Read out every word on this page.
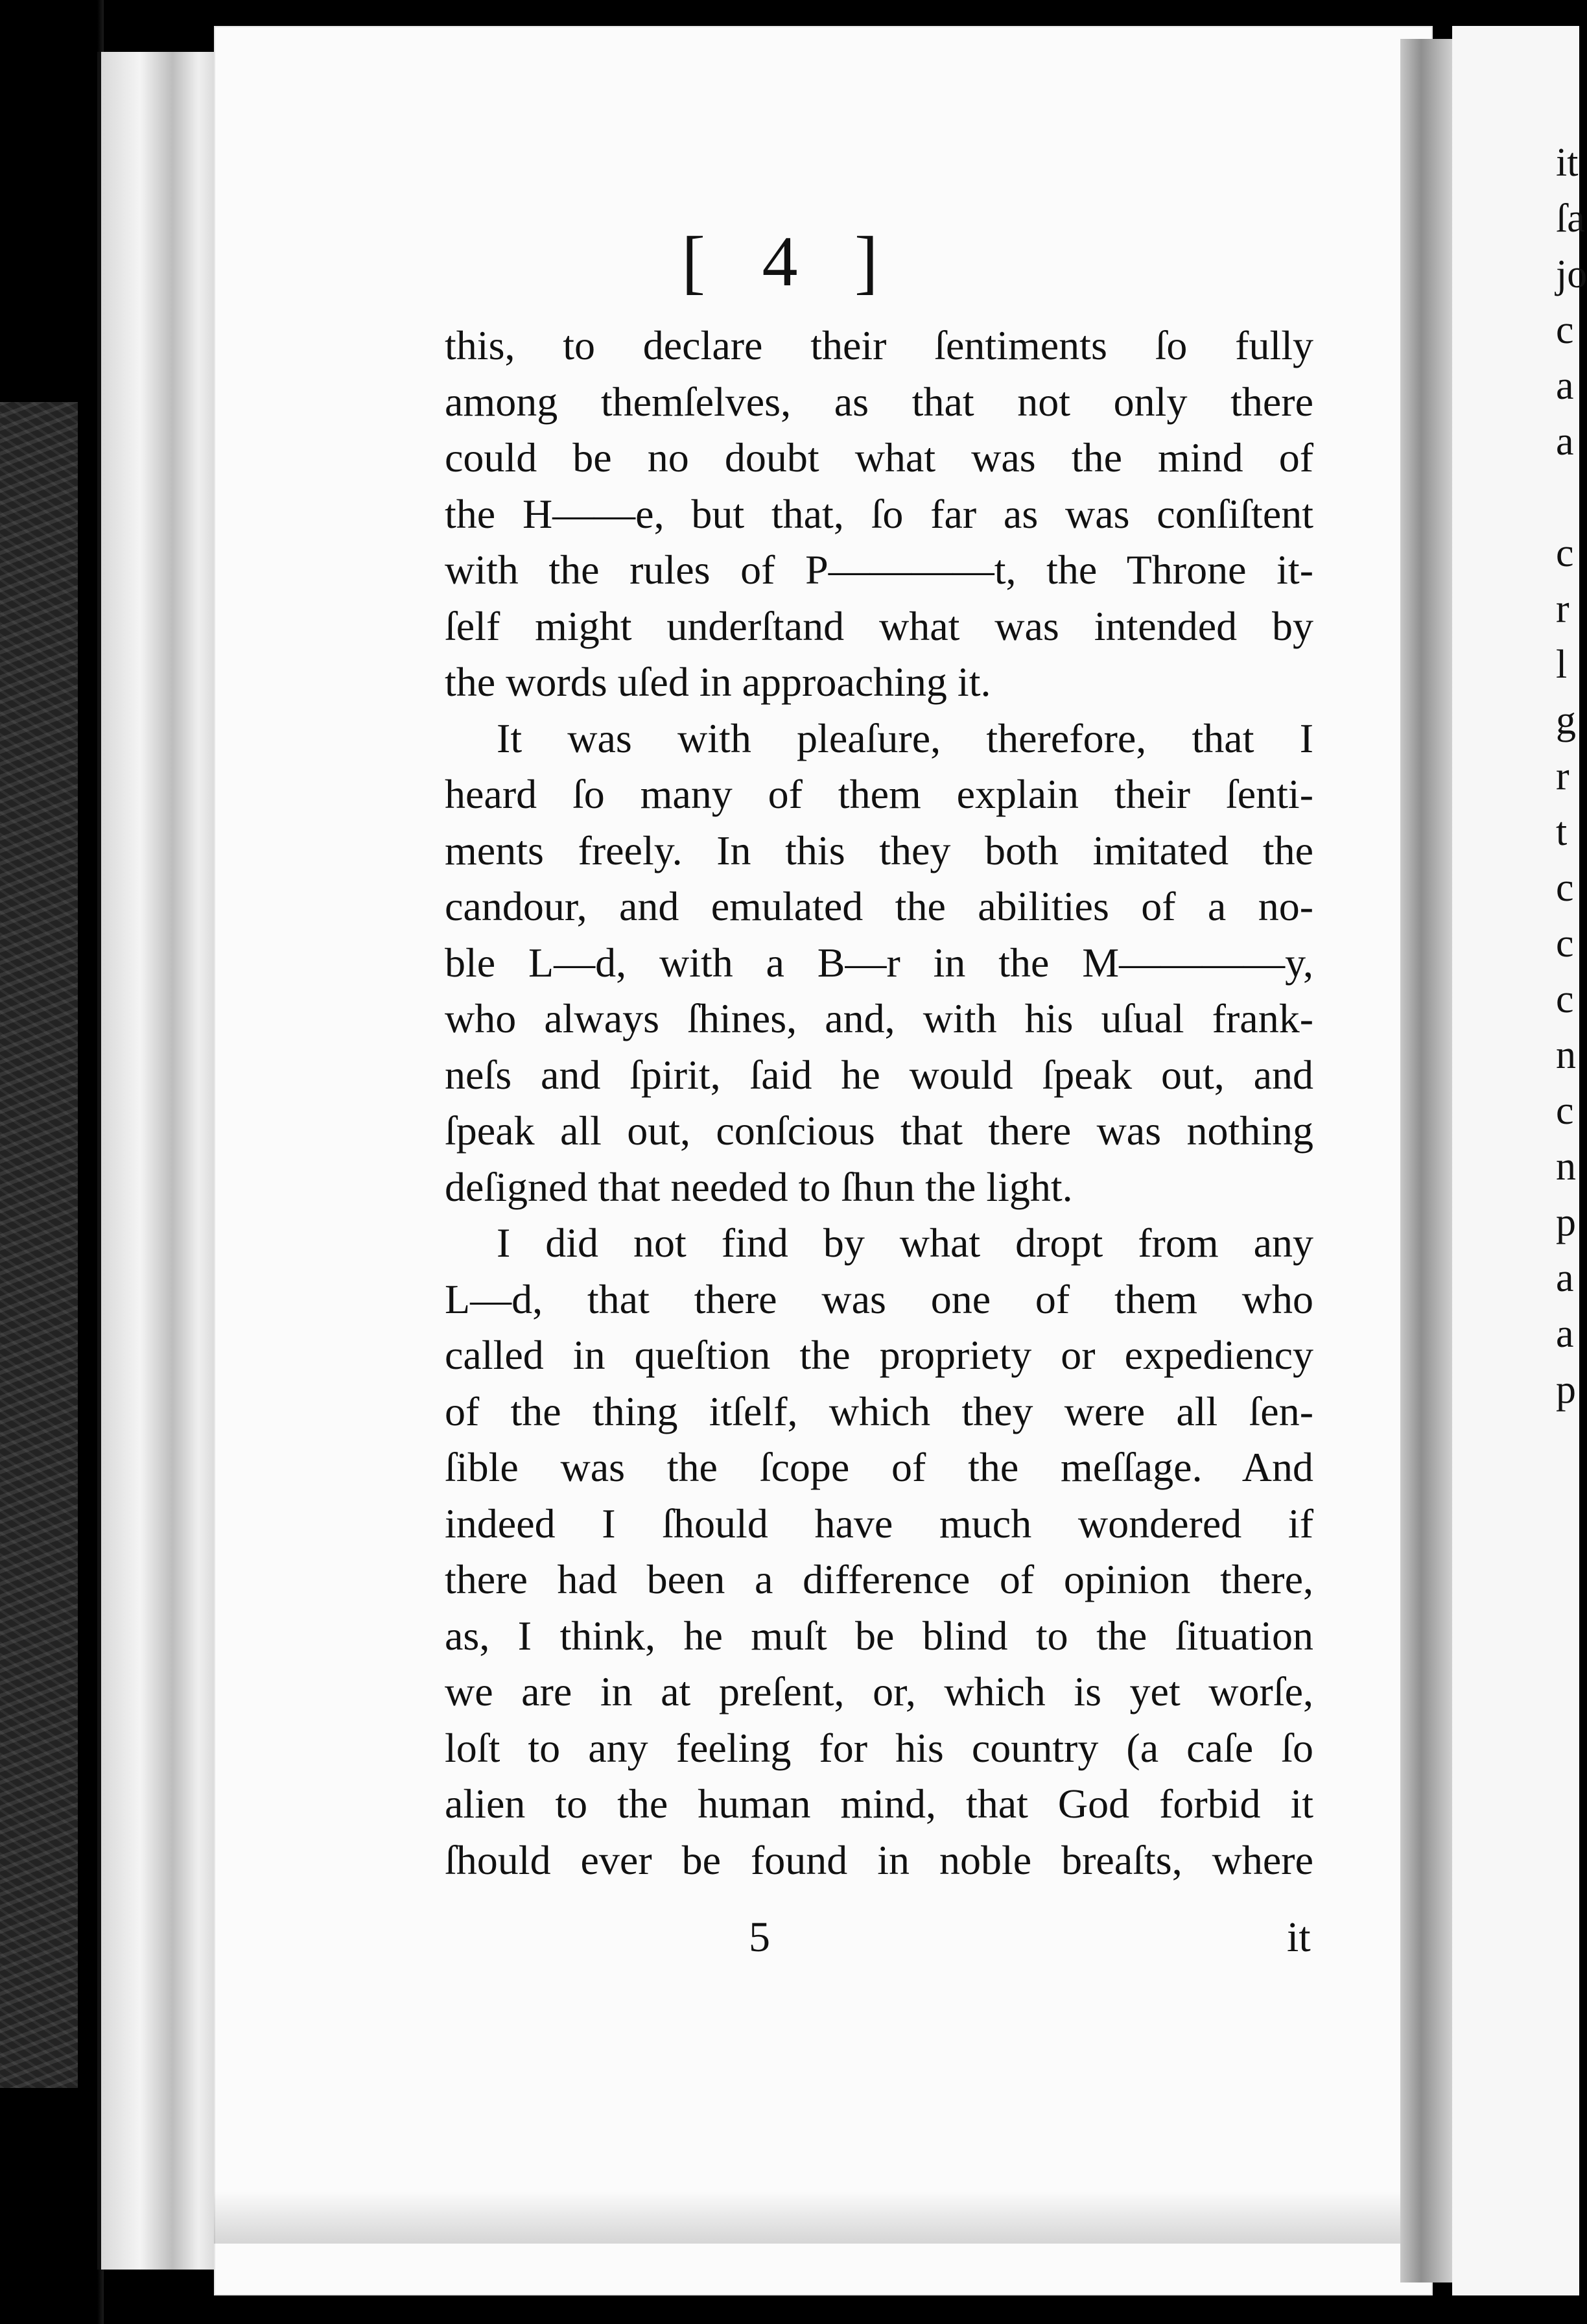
it
ſa
jo
c
a
a
c
r
l
g
r
t
c
c
c
n
c
n
p
a
a
p
[ 4 ]
this, to declare their ſentiments ſo fully
among themſelves, as that not only there
could be no doubt what was the mind of
the H——e, but that, ſo far as was conſiſtent
with the rules of P————t, the Throne it-
ſelf might underſtand what was intended by
the words uſed in approaching it.
It was with pleaſure, therefore, that I
heard ſo many of them explain their ſenti-
ments freely. In this they both imitated the
candour, and emulated the abilities of a no-
ble L—d, with a B—r in the M————y,
who always ſhines, and, with his uſual frank-
neſs and ſpirit, ſaid he would ſpeak out, and
ſpeak all out, conſcious that there was nothing
deſigned that needed to ſhun the light.
I did not find by what dropt from any
L—d, that there was one of them who
called in queſtion the propriety or expediency
of the thing itſelf, which they were all ſen-
ſible was the ſcope of the meſſage. And
indeed I ſhould have much wondered if
there had been a difference of opinion there,
as, I think, he muſt be blind to the ſituation
we are in at preſent, or, which is yet worſe,
loſt to any feeling for his country (a caſe ſo
alien to the human mind, that God forbid it
ſhould ever be found in noble breaſts, where
5	it
